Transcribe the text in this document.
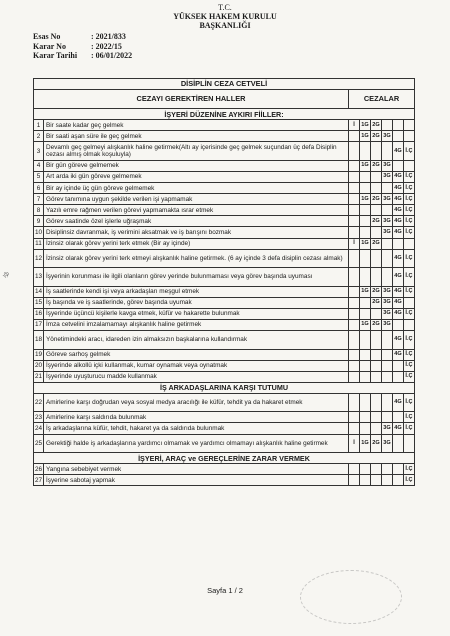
T.C.
YÜKSEK HAKEM KURULU
BAŞKANLIĞI
Esas No	: 2021/833
Karar No	: 2022/15
Karar Tarihi	: 06/01/2022
DİSİPLİN CEZA CETVELİ							
CEZAYI GEREKTİREN HALLER		CEZALAR					
İŞYERİ DÜZENİNE AYKIRI FİİLLER:							
1	Bir saate kadar geç gelmek	İ	1G	2G			
2	Bir saati aşan süre ile geç gelmek		1G	2G	3G		
3	Devamlı geç gelmeyi alışkanlık haline getirmek(Altı ay içerisinde geç gelmek suçundan üç defa Disiplin cezası almış olmak koşuluyla)					4G	İ.Ç
4	Bir gün göreve gelmemek		1G	2G	3G		
5	Art arda iki gün göreve gelmemek				3G	4G	İ.Ç
6	Bir ay içinde üç gün göreve gelmemek					4G	İ.Ç
7	Görev tanımına uygun şekilde verilen işi yapmamak		1G	2G	3G	4G	İ.Ç
8	Yazılı emre rağmen verilen görevi yapmamakta ısrar etmek					4G	İ.Ç
9	Görev saatinde özel işlerle uğraşmak			2G	3G	4G	İ.Ç
10	Disiplinsiz davranmak, iş verimini aksatmak ve iş barışını bozmak				3G	4G	İ.Ç
11	İzinsiz olarak görev yerini terk etmek (Bir ay içinde)	İ	1G	2G			
12	İzinsiz olarak görev yerini terk etmeyi alışkanlık haline getirmek. (6 ay içinde 3 defa disiplin cezası almak)					4G	İ.Ç
13	İşyerinin korunması ile ilgili olanların görev yerinde bulunmaması veya görev başında uyuması					4G	İ.Ç
14	İş saatlerinde kendi işi veya arkadaşları meşgul etmek		1G	2G	3G	4G	İ.Ç
15	İş başında ve iş saatlerinde, görev başında uyumak			2G	3G	4G	
16	İşyerinde üçüncü kişilerle kavga etmek, küfür ve hakarette bulunmak				3G	4G	İ.Ç
17	İmza cetvelini imzalamamayı alışkanlık haline getirmek		1G	2G	3G		
18	Yönetimindeki aracı, idareden izin almaksızın başkalarına kullandırmak					4G	İ.Ç
19	Göreve sarhoş gelmek					4G	İ.Ç
20	İşyerinde alkollü içki kullanmak, kumar oynamak veya oynatmak						İ.Ç
21	İşyerinde uyuşturucu madde kullanmak						İ.Ç
İŞ ARKADAŞLARINA KARŞI TUTUMU							
22	Amirlerine karşı doğrudan veya sosyal medya aracılığı ile küfür, tehdit ya da hakaret etmek					4G	İ.Ç
23	Amirlerine karşı saldırıda bulunmak						İ.Ç
24	İş arkadaşlarına küfür, tehdit, hakaret ya da saldırıda bulunmak				3G	4G	İ.Ç
25	Gerektiği halde iş arkadaşlarına yardımcı olmamak ve yardımcı olmamayı alışkanlık haline getirmek	İ	1G	2G	3G		
İŞYERİ, ARAÇ ve GEREÇLERİNE ZARAR VERMEK							
26	Yangına sebebiyet vermek						İ.Ç
27	İşyerine sabotaj yapmak						İ.Ç
ゆ
Sayfa 1 / 2
